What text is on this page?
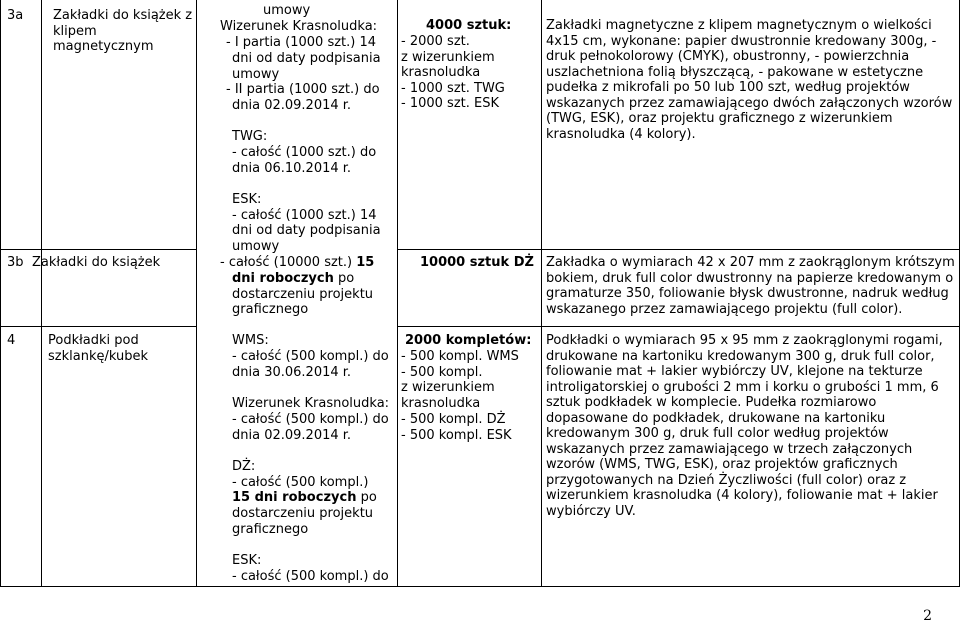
3a Zakładki do książek z klipem magnetycznym
4000 sztuk:
- 2000 szt.
z wizerunkiem
krasnoludka
- 1000 szt. TWG
- 1000 szt. ESK
Zakładki magnetyczne z klipem magnetycznym o wielkości 4x15 cm, wykonane: papier dwustronnie kredowany 300g, - druk pełnokolorowy (CMYK), obustronny, - powierzchnia uszlachetniona folią błyszczącą, - pakowane w estetyczne pudełka z mikrofali po 50 lub 100 szt, według projektów wskazanych przez zamawiającego dwóch załączonych wzorów (TWG, ESK), oraz projektu graficznego z wizerunkiem krasnoludka (4 kolory).
umowy
Wizerunek Krasnoludka:
- I partia (1000 szt.) 14
dni od daty podpisania
umowy
- II partia (1000 szt.) do
dnia 02.09.2014 r.
TWG:
- całość (1000 szt.) do
dnia 06.10.2014 r.
ESK:
- całość (1000 szt.) 14
dni od daty podpisania
umowy
- całość (10000 szt.) 15
dni roboczych po
dostarczeniu projektu
graficznego
WMS:
- całość (500 kompl.) do
dnia 30.06.2014 r.
Wizerunek Krasnoludka:
- całość (500 kompl.) do
dnia 02.09.2014 r.
DŻ:
- całość (500 kompl.)
15 dni roboczych po
dostarczeniu projektu
graficznego
ESK:
- całość (500 kompl.) do
3b Zakładki do książek	10000 sztuk DŻ Zakładka o wymiarach 42 x 207 mm z zaokrąglonym krótszym bokiem, druk full color dwustronny na papierze kredowanym o gramaturze 350, foliowanie błysk dwustronne, nadruk według wskazanego przez zamawiającego projektu (full color).
4	Podkładki pod szklankę/kubek
2000 kompletów:
- 500 kompl. WMS
- 500 kompl.
z wizerunkiem
krasnoludka
- 500 kompl. DŻ
- 500 kompl. ESK
Podkładki o wymiarach 95 x 95 mm z zaokrąglonymi rogami, drukowane na kartoniku kredowanym 300 g, druk full color, foliowanie mat + lakier wybiórczy UV, klejone na tekturze introligatorskiej o grubości 2 mm i korku o grubości 1 mm, 6 sztuk podkładek w komplecie. Pudełka rozmiarowo dopasowane do podkładek, drukowane na kartoniku kredowanym 300 g, druk full color według projektów wskazanych przez zamawiającego w trzech załączonych wzorów (WMS, TWG, ESK), oraz projektów graficznych przygotowanych na Dzień Życzliwości (full color) oraz z wizerunkiem krasnoludka (4 kolory), foliowanie mat + lakier wybiórczy UV.
2
